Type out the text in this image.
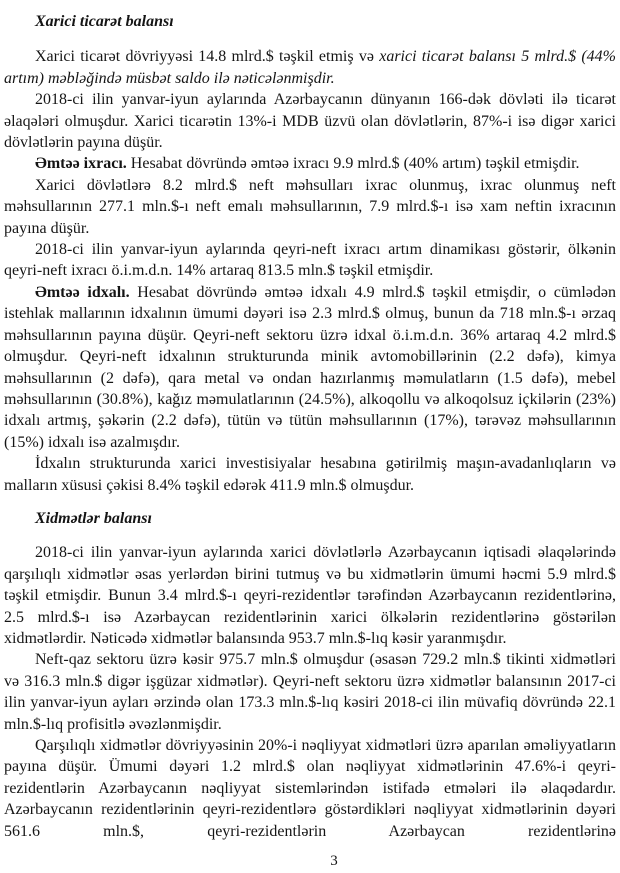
Xarici ticarət balansı

Xarici ticarət dövriyyəsi 14.8 mlrd.$ təşkil etmiş və xarici ticarət balansı 5 mlrd.$ (44% artım) məbləğində müsbət saldo ilə nəticələnmişdir.

2018-ci ilin yanvar-iyun aylarında Azərbaycanın dünyanın 166-dək dövləti ilə ticarət əlaqələri olmuşdur. Xarici ticarətin 13%-i MDB üzvü olan dövlətlərin, 87%-i isə digər xarici dövlətlərin payına düşür.

Əmtəə ixracı. Hesabat dövründə əmtəə ixracı 9.9 mlrd.$ (40% artım) təşkil etmişdir.

Xarici dövlətlərə 8.2 mlrd.$ neft məhsulları ixrac olunmuş, ixrac olunmuş neft məhsullarının 277.1 mln.$-ı neft emalı məhsullarının, 7.9 mlrd.$-ı isə xam neftin ixracının payına düşür.

2018-ci ilin yanvar-iyun aylarında qeyri-neft ixracı artım dinamikası göstərir, ölkənin qeyri-neft ixracı ö.i.m.d.n. 14% artaraq 813.5 mln.$ təşkil etmişdir.

Əmtəə idxalı. Hesabat dövründə əmtəə idxalı 4.9 mlrd.$ təşkil etmişdir, o cümlədən istehlak mallarının idxalının ümumi dəyəri isə 2.3 mlrd.$ olmuş, bunun da 718 mln.$-ı ərzaq məhsullarının payına düşür. Qeyri-neft sektoru üzrə idxal ö.i.m.d.n. 36% artaraq 4.2 mlrd.$ olmuşdur. Qeyri-neft idxalının strukturunda minik avtomobillərinin (2.2 dəfə), kimya məhsullarının (2 dəfə), qara metal və ondan hazırlanmış məmulatların (1.5 dəfə), mebel məhsullarının (30.8%), kağız məmulatlarının (24.5%), alkoqollu və alkoqolsuz içkilərin (23%) idxalı artmış, şəkərin (2.2 dəfə), tütün və tütün məhsullarının (17%), tərəvəz məhsullarının (15%) idxalı isə azalmışdır.

İdxalın strukturunda xarici investisiyalar hesabına gətirilmiş maşın-avadanlıqların və malların xüsusi çəkisi 8.4% təşkil edərək 411.9 mln.$ olmuşdur.

Xidmətlər balansı

2018-ci ilin yanvar-iyun aylarında xarici dövlətlərlə Azərbaycanın iqtisadi əlaqələrində qarşılıqlı xidmətlər əsas yerlərdən birini tutmuş və bu xidmətlərin ümumi həcmi 5.9 mlrd.$ təşkil etmişdir. Bunun 3.4 mlrd.$-ı qeyri-rezidentlər tərəfindən Azərbaycanın rezidentlərinə, 2.5 mlrd.$-ı isə Azərbaycan rezidentlərinin xarici ölkələrin rezidentlərinə göstərilən xidmətlərdir. Nəticədə xidmətlər balansında 953.7 mln.$-lıq kəsir yaranmışdır.

Neft-qaz sektoru üzrə kəsir 975.7 mln.$ olmuşdur (əsasən 729.2 mln.$ tikinti xidmətləri və 316.3 mln.$ digər işgüzar xidmətlər). Qeyri-neft sektoru üzrə xidmətlər balansının 2017-ci ilin yanvar-iyun ayları ərzində olan 173.3 mln.$-lıq kəsiri 2018-ci ilin müvafiq dövründə 22.1 mln.$-lıq profisitlə əvəzlənmişdir.

Qarşılıqlı xidmətlər dövriyyəsinin 20%-i nəqliyyat xidmətləri üzrə aparılan əməliyyatların payına düşür. Ümumi dəyəri 1.2 mlrd.$ olan nəqliyyat xidmətlərinin 47.6%-i qeyri-rezidentlərin Azərbaycanın nəqliyyat sistemlərindən istifadə etmələri ilə əlaqədardır. Azərbaycanın rezidentlərinin qeyri-rezidentlərə göstərdikləri nəqliyyat xidmətlərinin dəyəri 561.6 mln.$, qeyri-rezidentlərin Azərbaycan rezidentlərinə

3
